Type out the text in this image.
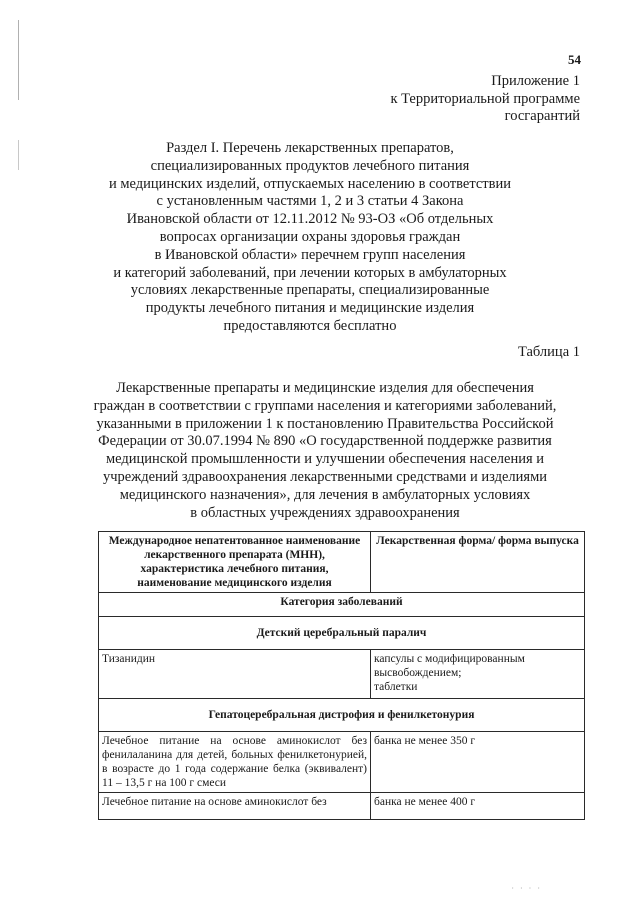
54
Приложение 1
к Территориальной программе
госгарантий
Раздел I. Перечень лекарственных препаратов,
специализированных продуктов лечебного питания
и медицинских изделий, отпускаемых населению в соответствии
с установленным частями 1, 2 и 3 статьи 4 Закона
Ивановской области от 12.11.2012 № 93-ОЗ «Об отдельных
вопросах организации охраны здоровья граждан
в Ивановской области» перечнем групп населения
и категорий заболеваний, при лечении которых в амбулаторных
условиях лекарственные препараты, специализированные
продукты лечебного питания и медицинские изделия
предоставляются бесплатно
Таблица 1
Лекарственные препараты и медицинские изделия для обеспечения
граждан в соответствии с группами населения и категориями заболеваний,
указанными в приложении 1 к постановлению Правительства Российской
Федерации от 30.07.1994 № 890 «О государственной поддержке развития
медицинской промышленности и улучшении обеспечения населения и
учреждений здравоохранения лекарственными средствами и изделиями
медицинского назначения», для лечения в амбулаторных условиях
в областных учреждениях здравоохранения
Международное непатентованное наименование лекарственного препарата (МНН), характеристика лечебного питания, наименование медицинского изделия	Лекарственная форма/ форма выпуска
Категория заболеваний	
Детский церебральный паралич	
Тизанидин	капсулы с модифицированным высвобождением;
таблетки

Гепатоцеребральная дистрофия и фенилкетонурия	
Лечебное питание на основе аминокислот без фенилаланина для детей, больных фенилкетонурией, в возрасте до 1 года содержание белка (эквивалент) 11 – 13,5 г на 100 г смеси	банка не менее 350 г

Лечебное питание на основе аминокислот без	банка не менее 400 г
· · · ·
